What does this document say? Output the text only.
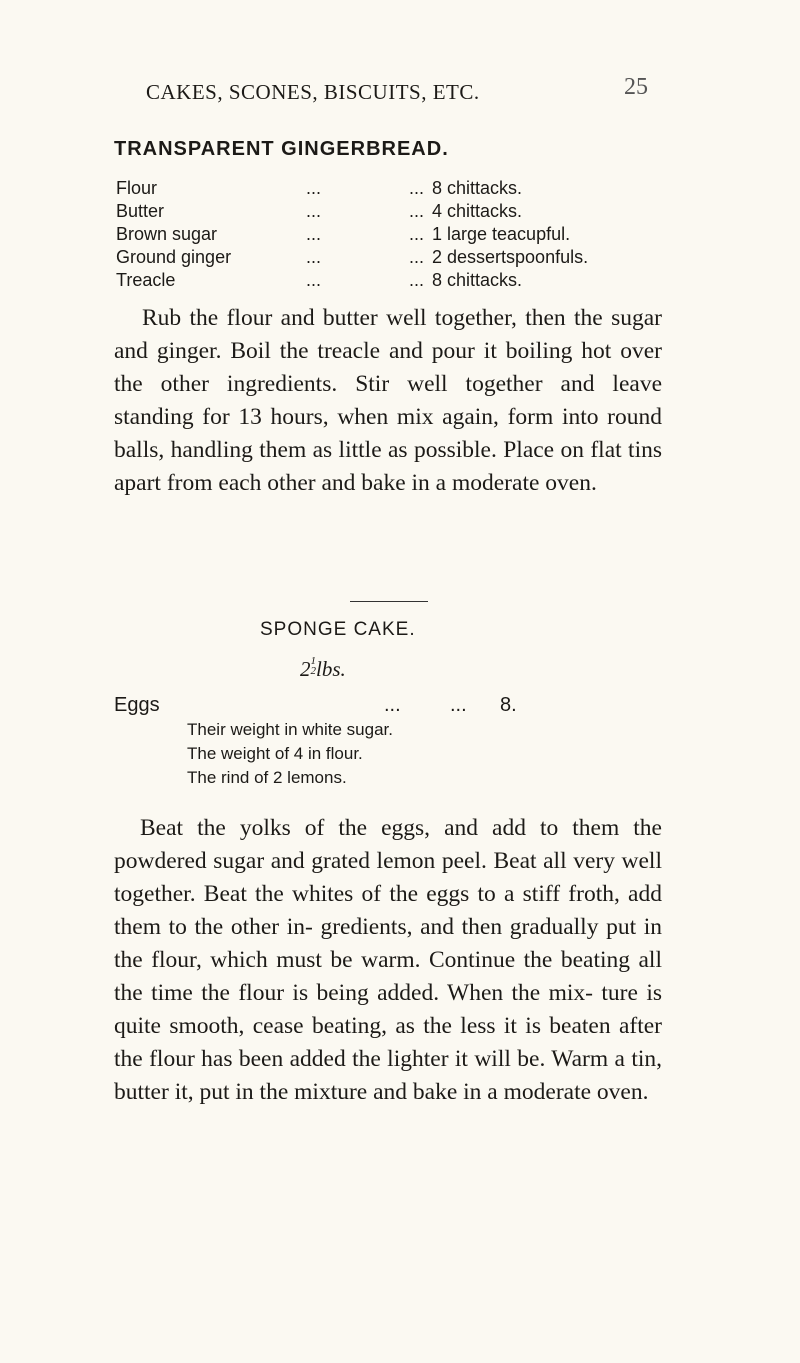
CAKES, SCONES, BISCUITS, ETC.	25
TRANSPARENT GINGERBREAD.
Flour	...	... 8 chittacks.
Butter	...	... 4 chittacks.
Brown sugar	...	... 1 large teacupful.
Ground ginger	...	... 2 dessertspoonfuls.
Treacle	...	... 8 chittacks.

Rub the flour and butter well together, then the sugar and ginger. Boil the treacle and pour it boiling hot over the other ingredients. Stir well together and leave standing for 13 hours, when mix again, form into round balls, handling them as little as possible. Place on flat tins apart from each other and bake in a moderate oven.

SPONGE CAKE.
2 1
2 lbs.
Eggs	... ... 8.
Their weight in white sugar.
The weight of 4 in flour.
The rind of 2 lemons.

Beat the yolks of the eggs, and add to them the powdered sugar and grated lemon peel. Beat all very well together. Beat the whites of the eggs to a stiff froth, add them to the other in- gredients, and then gradually put in the flour, which must be warm. Continue the beating all the time the flour is being added. When the mix- ture is quite smooth, cease beating, as the less it is beaten after the flour has been added the lighter it will be. Warm a tin, butter it, put in the mixture and bake in a moderate oven.
